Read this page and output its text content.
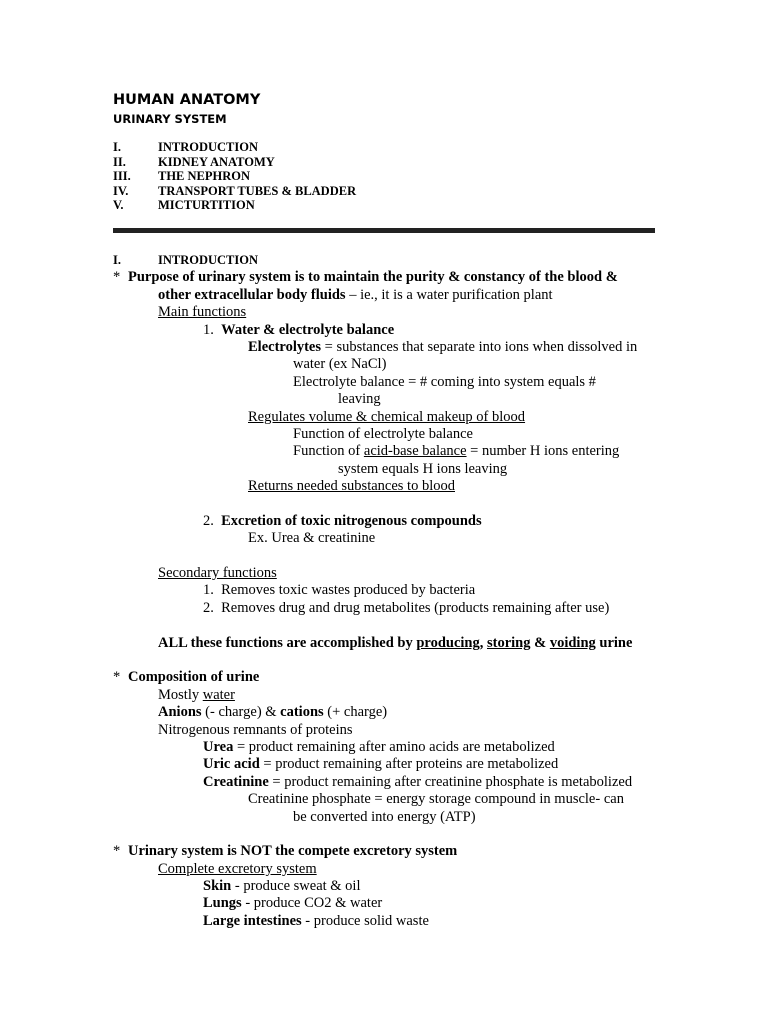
HUMAN ANATOMY
URINARY SYSTEM
I.	INTRODUCTION
II.	KIDNEY ANATOMY
III.	THE NEPHRON
IV.	TRANSPORT TUBES & BLADDER
V.	MICTURTITION
I.	INTRODUCTION
* Purpose of urinary system is to maintain the purity & constancy of the blood &
other extracellular body fluids – ie., it is a water purification plant
Main functions
1. Water & electrolyte balance
Electrolytes = substances that separate into ions when dissolved in
water (ex NaCl)
Electrolyte balance = # coming into system equals #
leaving
Regulates volume & chemical makeup of blood
Function of electrolyte balance
Function of acid-base balance = number H ions entering
system equals H ions leaving
Returns needed substances to blood
2. Excretion of toxic nitrogenous compounds
Ex. Urea & creatinine
Secondary functions
1. Removes toxic wastes produced by bacteria
2. Removes drug and drug metabolites (products remaining after use)
ALL these functions are accomplished by producing, storing & voiding urine
* Composition of urine
Mostly water
Anions (- charge) & cations (+ charge)
Nitrogenous remnants of proteins
Urea = product remaining after amino acids are metabolized
Uric acid = product remaining after proteins are metabolized
Creatinine = product remaining after creatinine phosphate is metabolized
Creatinine phosphate = energy storage compound in muscle- can
be converted into energy (ATP)
* Urinary system is NOT the compete excretory system
Complete excretory system
Skin - produce sweat & oil
Lungs - produce CO2 & water
Large intestines - produce solid waste
